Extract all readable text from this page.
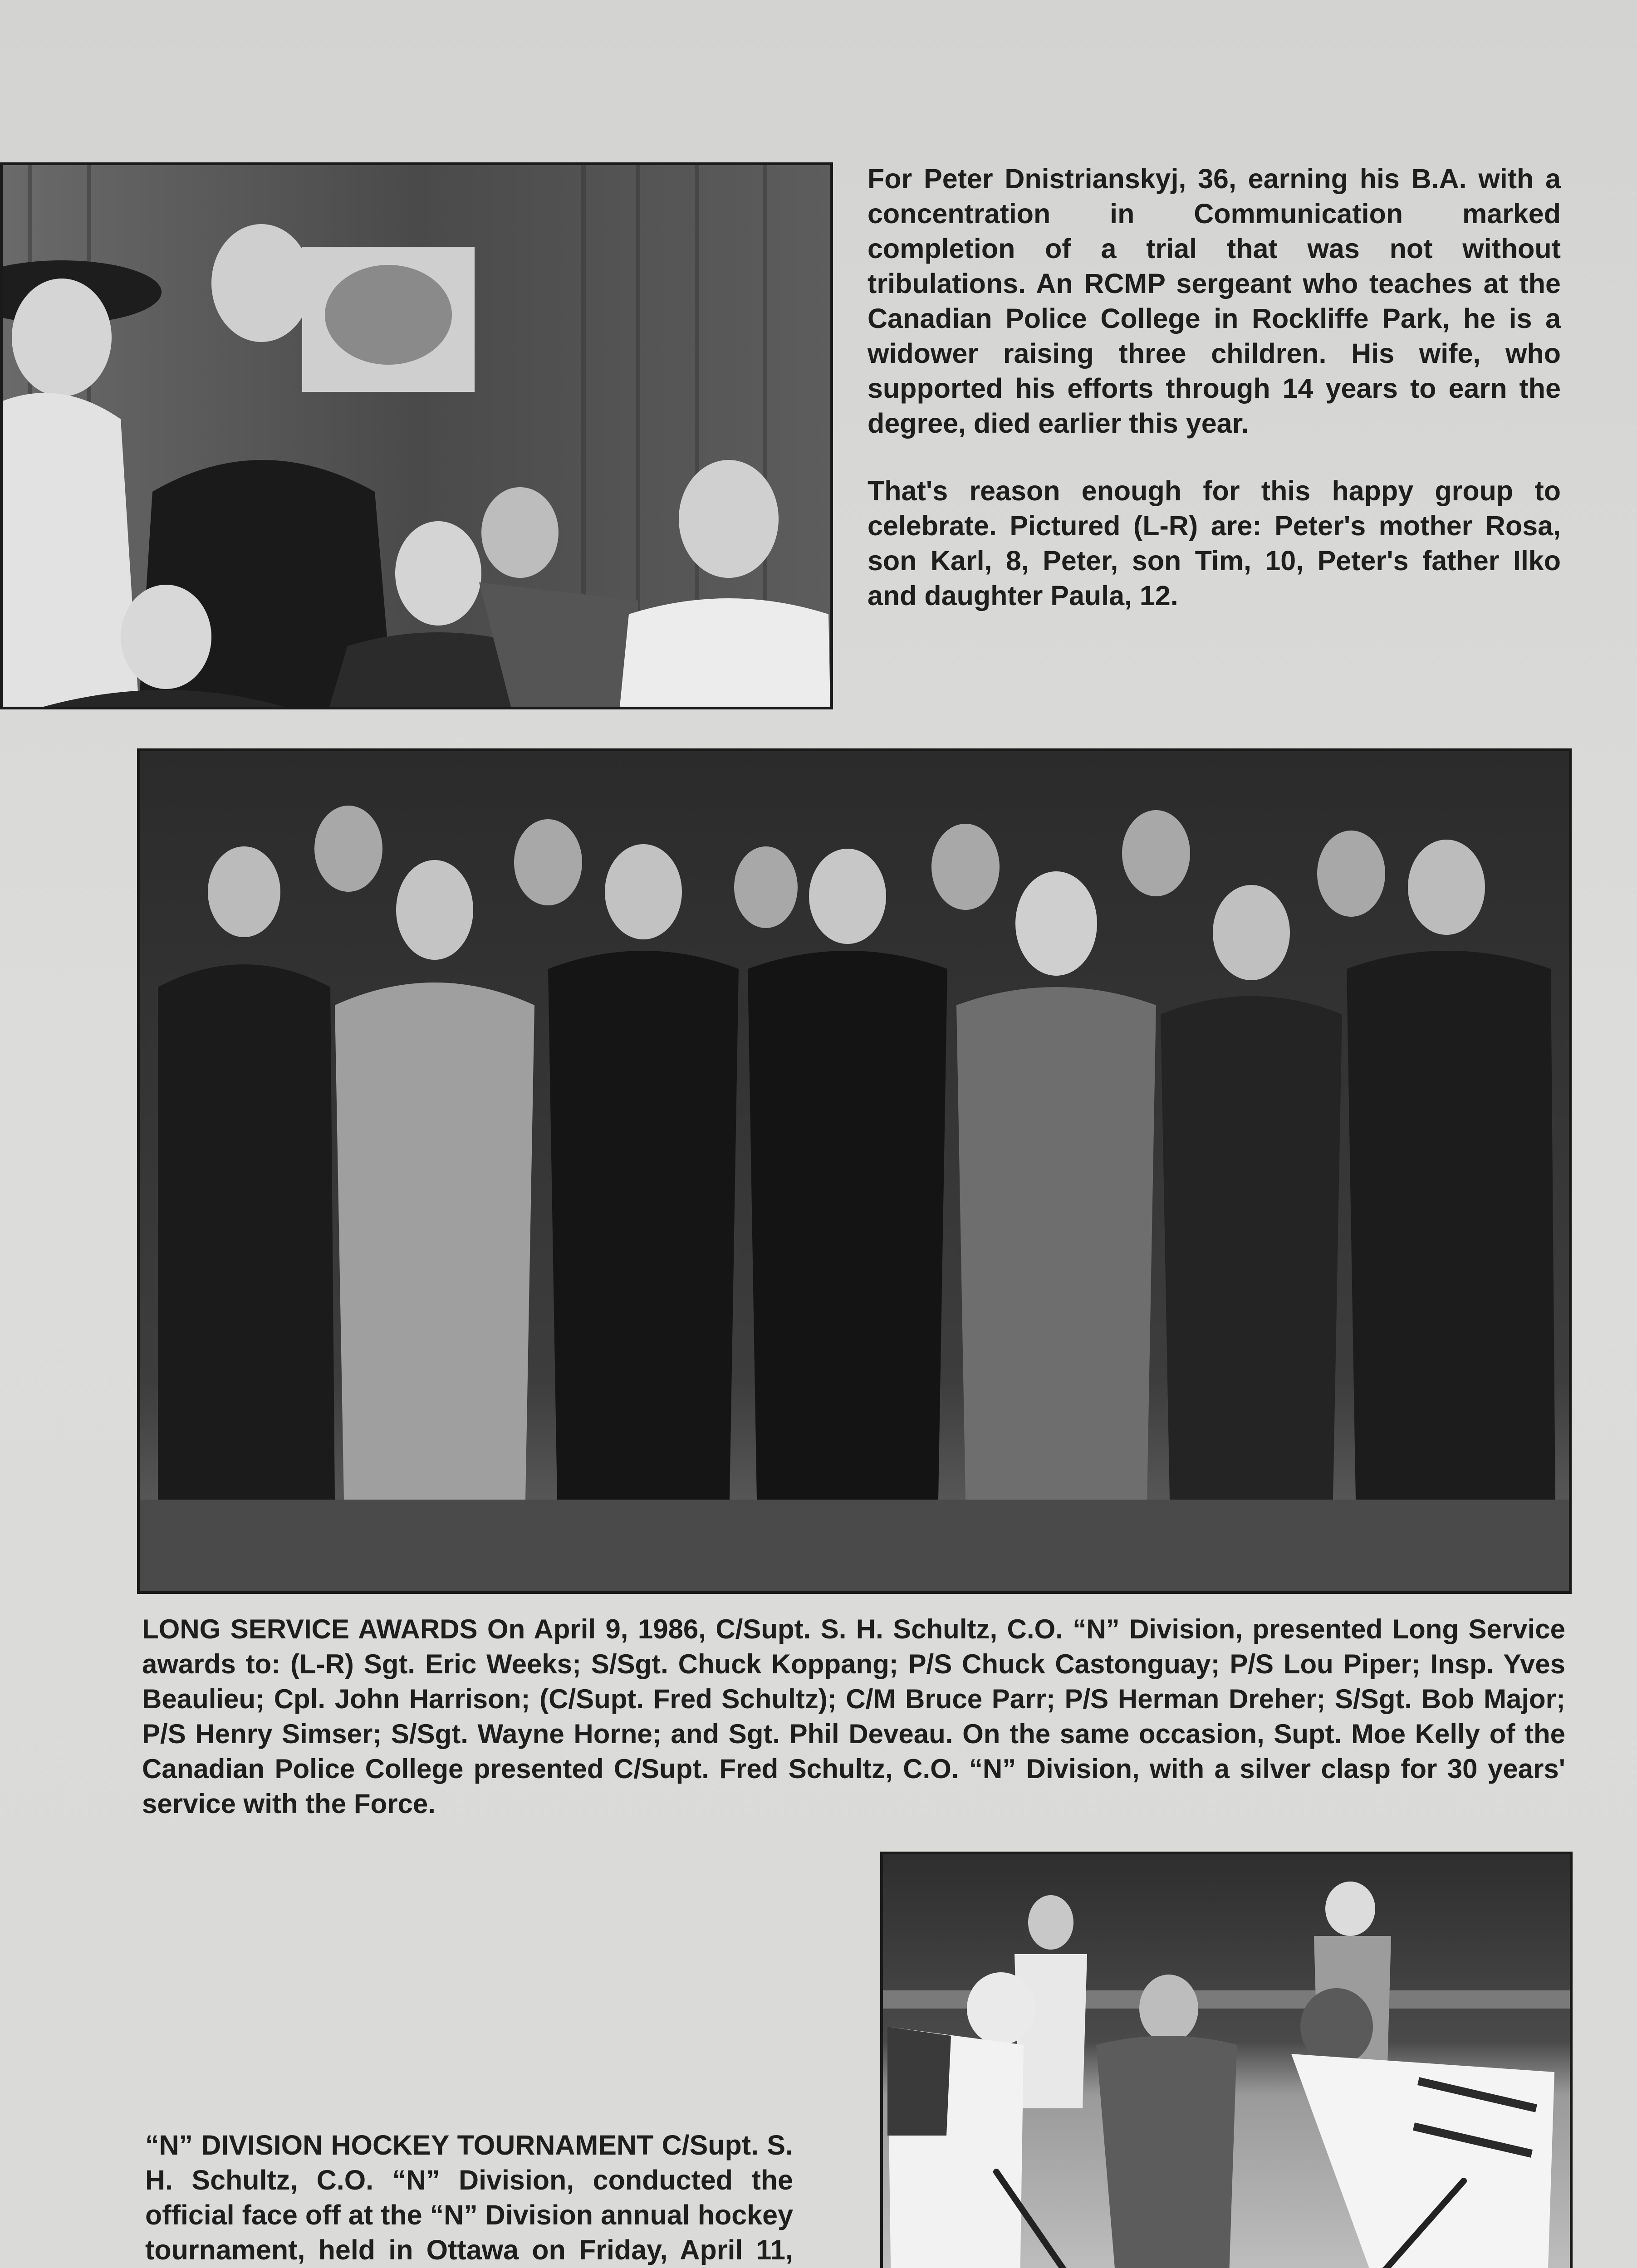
For Peter Dnistrianskyj, 36, earning his B.A. with a concentration in Communication marked completion of a trial that was not without tribulations. An RCMP sergeant who teaches at the Canadian Police College in Rockliffe Park, he is a widower raising three children. His wife, who supported his efforts through 14 years to earn the degree, died earlier this year.

That's reason enough for this happy group to celebrate. Pictured (L-R) are: Peter's mother Rosa, son Karl, 8, Peter, son Tim, 10, Peter's father Ilko and daughter Paula, 12.

LONG SERVICE AWARDS On April 9, 1986, C/Supt. S. H. Schultz, C.O. “N” Division, presented Long Service awards to: (L-R) Sgt. Eric Weeks; S/Sgt. Chuck Koppang; P/S Chuck Castonguay; P/S Lou Piper; Insp. Yves Beaulieu; Cpl. John Harrison; (C/Supt. Fred Schultz); C/M Bruce Parr; P/S Herman Dreher; S/Sgt. Bob Major; P/S Henry Simser; S/Sgt. Wayne Horne; and Sgt. Phil Deveau. On the same occasion, Supt. Moe Kelly of the Canadian Police College presented C/Supt. Fred Schultz, C.O. “N” Division, with a silver clasp for 30 years' service with the Force.

“N” DIVISION HOCKEY TOURNAMENT C/Supt. S. H. Schultz, C.O. “N” Division, conducted the official face off at the “N” Division annual hockey tournament, held in Ottawa on Friday, April 11,
